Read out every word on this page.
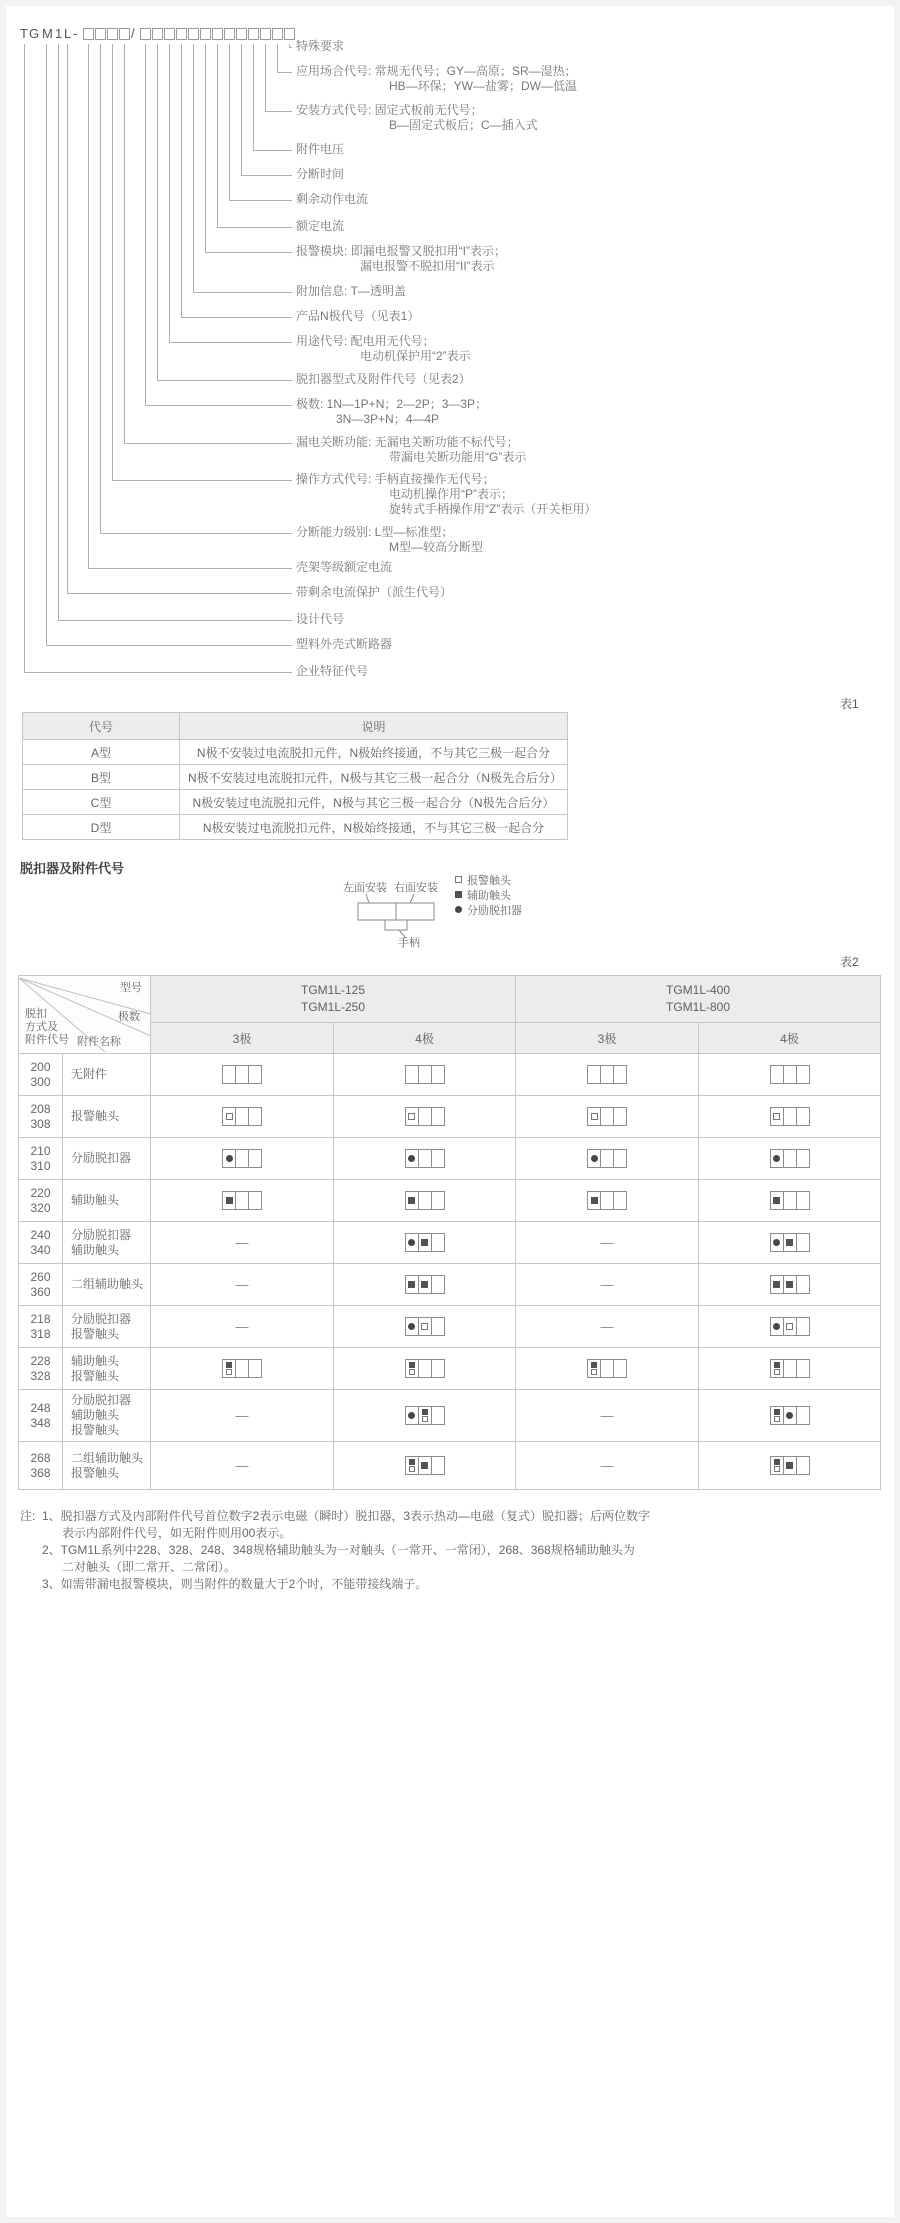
T G M 1 L -	/
特殊要求
应用场合代号: 常规无代号；GY—高原；SR—湿热；
HB—环保；YW—盐雾；DW—低温
安装方式代号: 固定式板前无代号；
B—固定式板后；C—插入式
附件电压
分断时间
剩余动作电流
额定电流
报警模块: 即漏电报警又脱扣用“I”表示；
漏电报警不脱扣用“II”表示
附加信息: T—透明盖
产品N极代号（见表1）
用途代号: 配电用无代号；
电动机保护用“2”表示
脱扣器型式及附件代号（见表2）
极数: 1N—1P+N；2—2P；3—3P；
3N—3P+N；4—4P
漏电关断功能: 无漏电关断功能不标代号；
带漏电关断功能用“G”表示
操作方式代号: 手柄直接操作无代号；
电动机操作用“P”表示；
旋转式手柄操作用“Z”表示（开关柜用）
分断能力级别: L型—标准型；
M型—较高分断型
壳架等级额定电流
带剩余电流保护（派生代号）
设计代号
塑料外壳式断路器
企业特征代号
表1
代号	说明
A型	N极不安装过电流脱扣元件，N极始终接通，不与其它三极一起合分
B型	N极不安装过电流脱扣元件，N极与其它三极一起合分（N极先合后分）
C型	N极安装过电流脱扣元件，N极与其它三极一起合分（N极先合后分）
D型	N极安装过电流脱扣元件，N极始终接通，不与其它三极一起合分
脱扣器及附件代号
左面安装 右面安装
手柄
报警触头
辅助触头
分励脱扣器
表2
型号
极数
附件名称
脱扣
方式及
附件代号

TGM1L-125
TGM1L-250

TGM1L-400
TGM1L-800

		3极	4极	3极	4极

200
300	无附件				

208
308	报警触头				

210
310	分励脱扣器				

220
320	辅助触头				

240
340

分励脱扣器
辅助触头	—		—	

260
360	二组辅助触头	—		—	

218
318

分励脱扣器
报警触头	—		—	

228
328

辅助触头
报警触头

248
348

分励脱扣器
辅助触头
报警触头
	—		—	

268
368

二组辅助触头
报警触头	—		—	
注: 1、脱扣器方式及内部附件代号首位数字2表示电磁（瞬时）脱扣器，3表示热动—电磁（复式）脱扣器；后两位数字
表示内部附件代号，如无附件则用00表示。
2、TGM1L系列中228、328、248、348规格辅助触头为一对触头（一常开、一常闭），268、368规格辅助触头为
二对触头（即二常开、二常闭）。
3、如需带漏电报警模块，则当附件的数量大于2个时，不能带接线端子。
